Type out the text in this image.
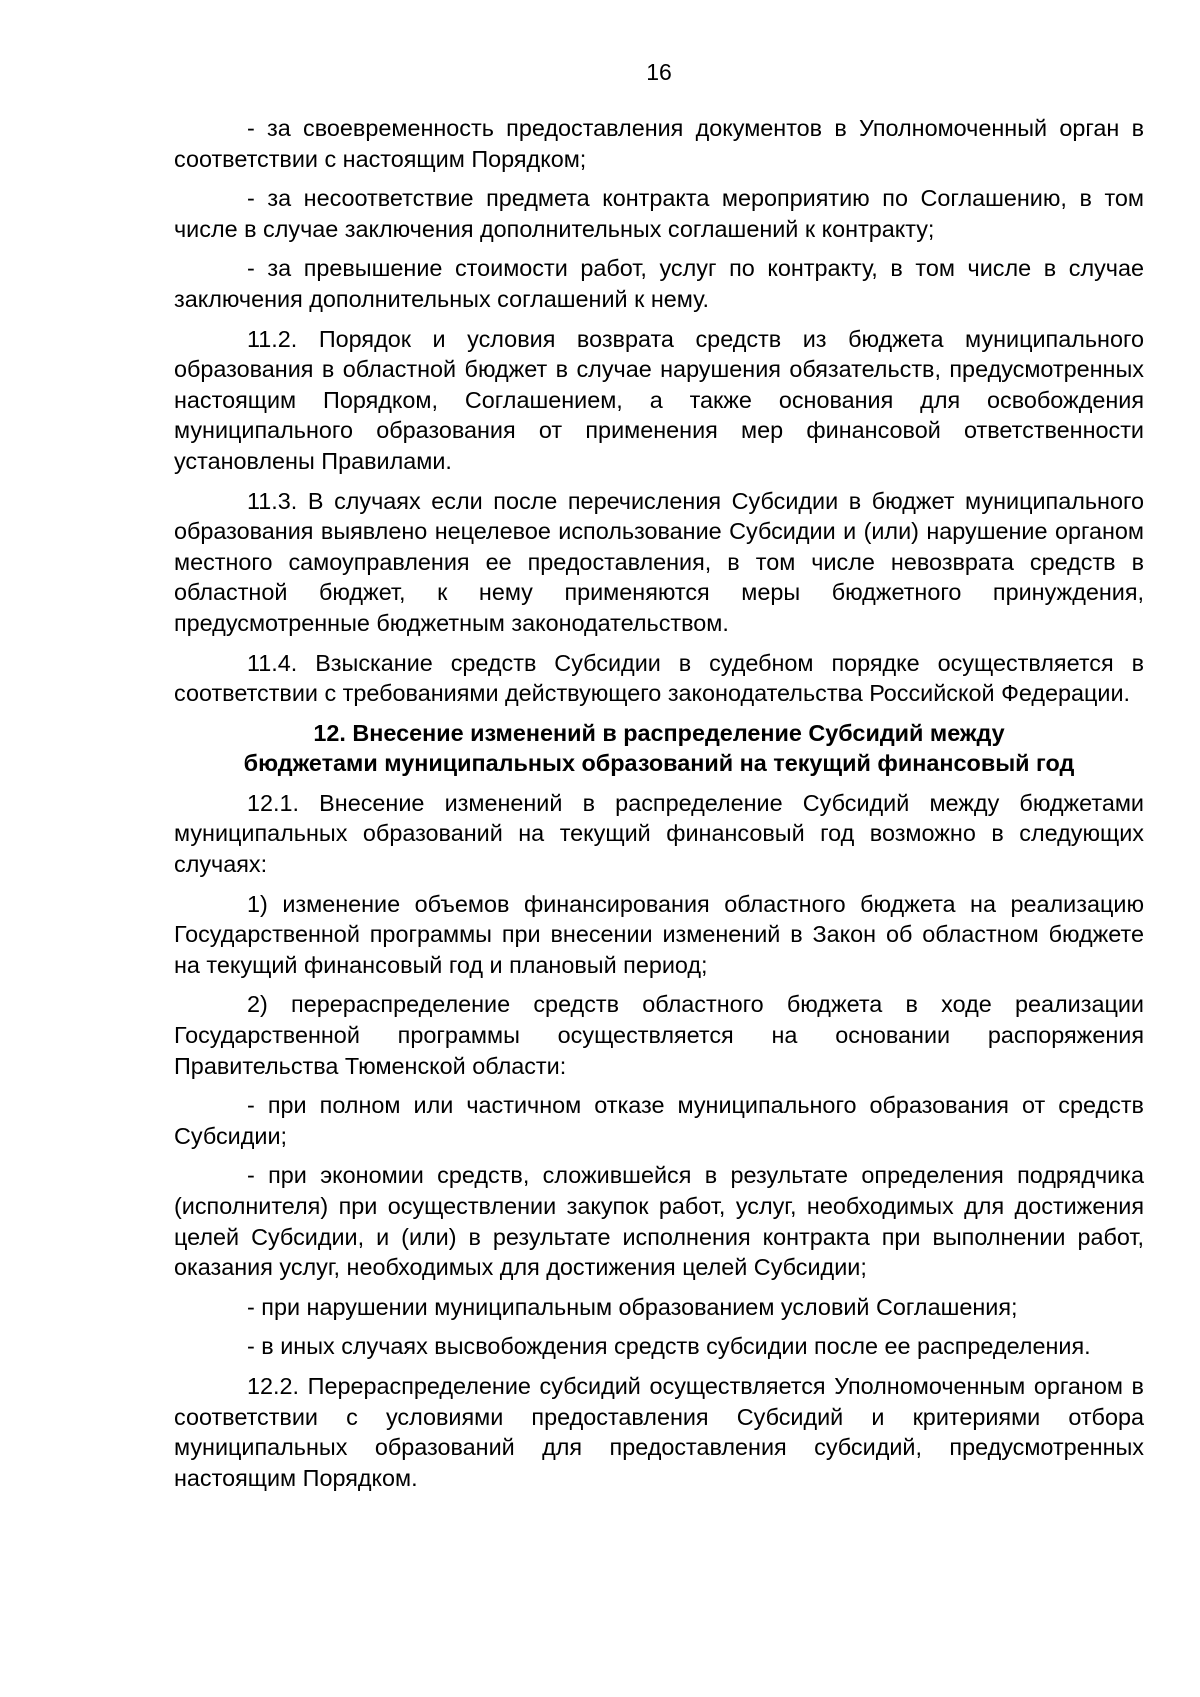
16

- за своевременность предоставления документов в Уполномоченный орган в соответствии с настоящим Порядком;

- за несоответствие предмета контракта мероприятию по Соглашению, в том числе в случае заключения дополнительных соглашений к контракту;

- за превышение стоимости работ, услуг по контракту, в том числе в случае заключения дополнительных соглашений к нему.

11.2. Порядок и условия возврата средств из бюджета муниципального образования в областной бюджет в случае нарушения обязательств, предусмотренных настоящим Порядком, Соглашением, а также основания для освобождения муниципального образования от применения мер финансовой ответственности установлены Правилами.

11.3. В случаях если после перечисления Субсидии в бюджет муниципального образования выявлено нецелевое использование Субсидии и (или) нарушение органом местного самоуправления ее предоставления, в том числе невозврата средств в областной бюджет, к нему применяются меры бюджетного принуждения, предусмотренные бюджетным законодательством.

11.4. Взыскание средств Субсидии в судебном порядке осуществляется в соответствии с требованиями действующего законодательства Российской Федерации.

12. Внесение изменений в распределение Субсидий между
бюджетами муниципальных образований на текущий финансовый год

12.1. Внесение изменений в распределение Субсидий между бюджетами муниципальных образований на текущий финансовый год возможно в следующих случаях:

1) изменение объемов финансирования областного бюджета на реализацию Государственной программы при внесении изменений в Закон об областном бюджете на текущий финансовый год и плановый период;

2) перераспределение средств областного бюджета в ходе реализации Государственной программы осуществляется на основании распоряжения Правительства Тюменской области:

- при полном или частичном отказе муниципального образования от средств Субсидии;

- при экономии средств, сложившейся в результате определения подрядчика (исполнителя) при осуществлении закупок работ, услуг, необходимых для достижения целей Субсидии, и (или) в результате исполнения контракта при выполнении работ, оказания услуг, необходимых для достижения целей Субсидии;

- при нарушении муниципальным образованием условий Соглашения;

- в иных случаях высвобождения средств субсидии после ее распределения.

12.2. Перераспределение субсидий осуществляется Уполномоченным органом в соответствии с условиями предоставления Субсидий и критериями отбора муниципальных образований для предоставления субсидий, предусмотренных настоящим Порядком.
